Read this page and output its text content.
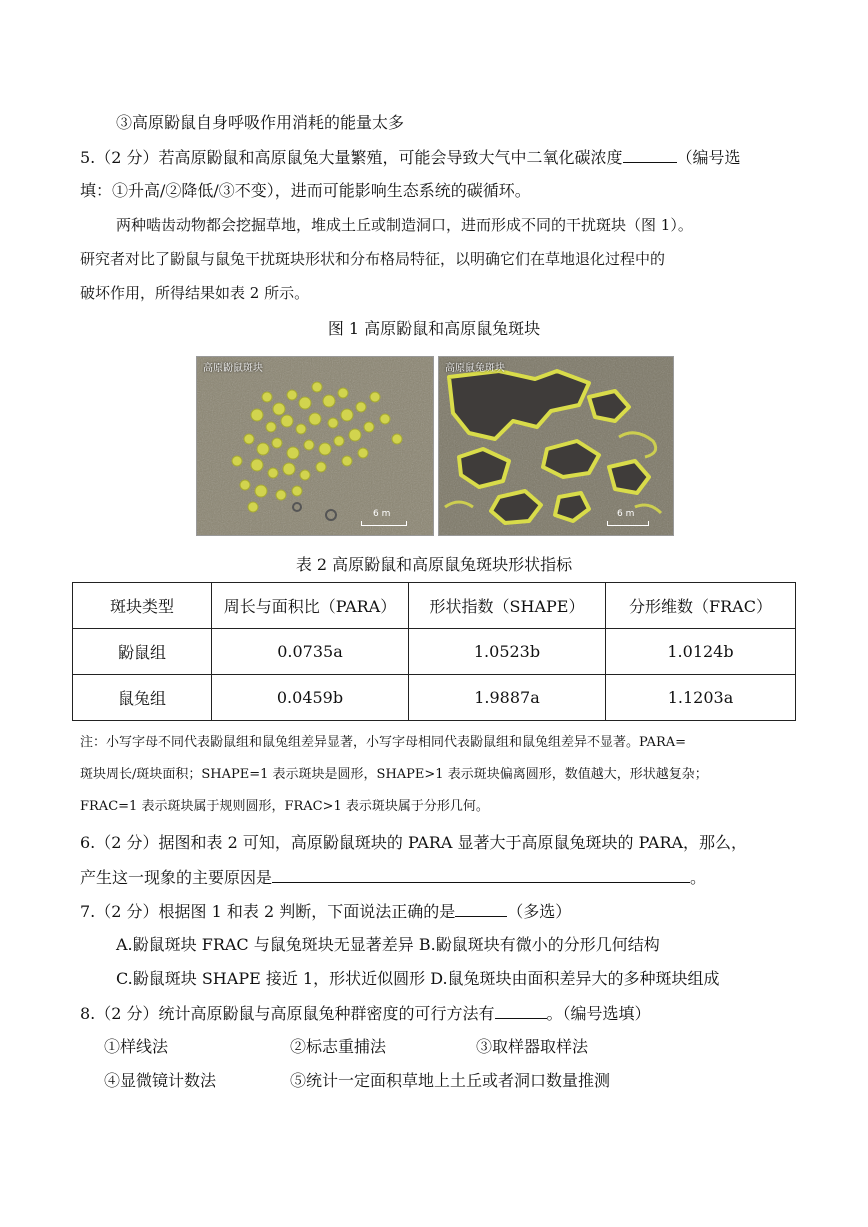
③高原鼢鼠自身呼吸作用消耗的能量太多
5.（2 分）若高原鼢鼠和高原鼠兔大量繁殖，可能会导致大气中二氧化碳浓度	（编号选
填：①升高/②降低/③不变），进而可能影响生态系统的碳循环。
两种啮齿动物都会挖掘草地，堆成土丘或制造洞口，进而形成不同的干扰斑块（图 1）。
研究者对比了鼢鼠与鼠兔干扰斑块形状和分布格局特征，以明确它们在草地退化过程中的
破坏作用，所得结果如表 2 所示。
图 1 高原鼢鼠和高原鼠兔斑块
高原鼢鼠斑块
6 m
高原鼠兔斑块
6 m
表 2 高原鼢鼠和高原鼠兔斑块形状指标
斑块类型	周长与面积比（PARA）	形状指数（SHAPE）	分形维数（FRAC）
鼢鼠组	0.0735a	1.0523b	1.0124b
鼠兔组	0.0459b	1.9887a	1.1203a
注：小写字母不同代表鼢鼠组和鼠兔组差异显著，小写字母相同代表鼢鼠组和鼠兔组差异不显著。PARA=
斑块周长/斑块面积；SHAPE=1 表示斑块是圆形，SHAPE>1 表示斑块偏离圆形，数值越大，形状越复杂；
FRAC=1 表示斑块属于规则圆形，FRAC>1 表示斑块属于分形几何。
6.（2 分）据图和表 2 可知，高原鼢鼠斑块的 PARA 显著大于高原鼠兔斑块的 PARA，那么，
产生这一现象的主要原因是	。
7.（2 分）根据图 1 和表 2 判断，下面说法正确的是	（多选）
A.鼢鼠斑块 FRAC 与鼠兔斑块无显著差异 B.鼢鼠斑块有微小的分形几何结构
C.鼢鼠斑块 SHAPE 接近 1，形状近似圆形 D.鼠兔斑块由面积差异大的多种斑块组成
8.（2 分）统计高原鼢鼠与高原鼠兔种群密度的可行方法有	。（编号选填）
①样线法	②标志重捕法	③取样器取样法
④显微镜计数法	⑤统计一定面积草地上土丘或者洞口数量推测
